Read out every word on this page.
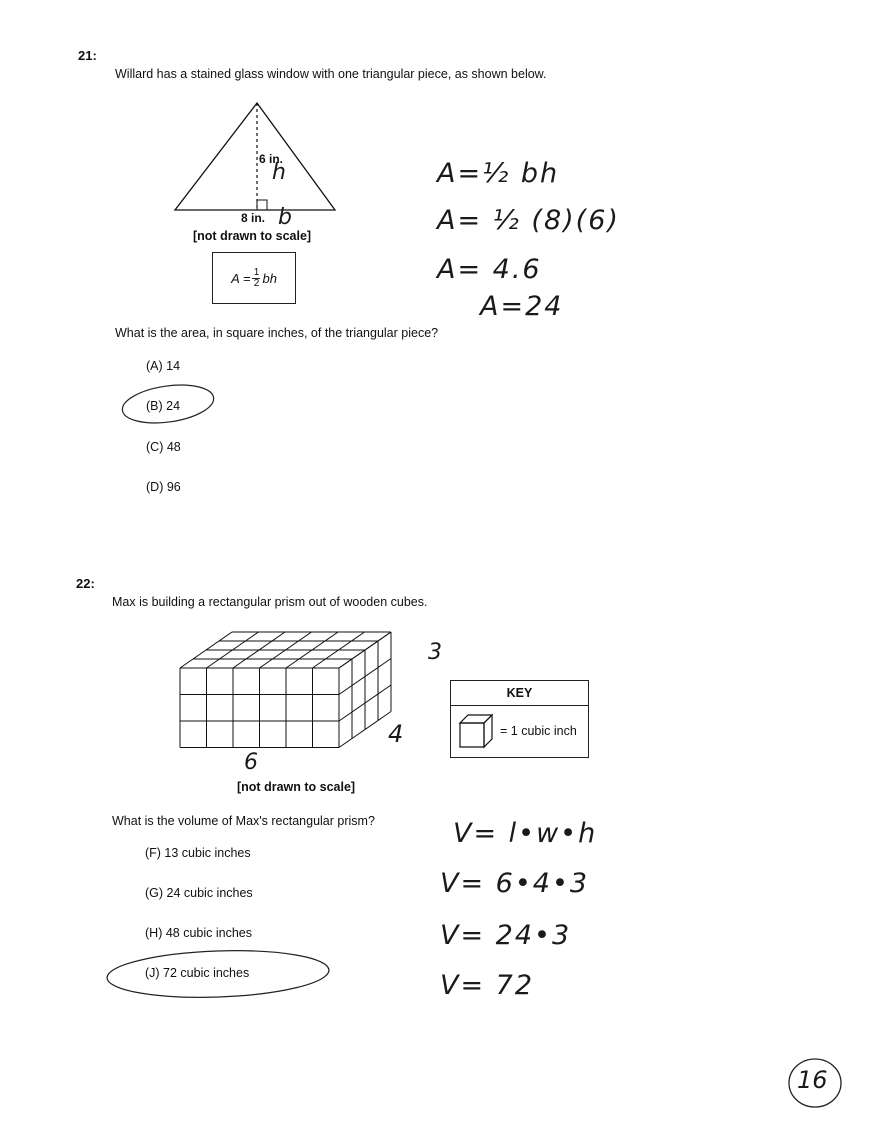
21:
Willard has a stained glass window with one triangular piece, as shown below.
6 in.
h
8 in. b
[not drawn to scale]
$A = \frac{1}{2}$ bh
A=½ bh
A= ½ (8)(6)
A= 4.6
A=24
What is the area, in square inches, of the triangular piece?
(A) 14
(B) 24
(C) 48
(D) 96
22:
Max is building a rectangular prism out of wooden cubes.
3
4
6
[not drawn to scale]
KEY
= 1 cubic inch
V= l•w•h
V= 6•4•3
V= 24•3
V= 72
What is the volume of Max's rectangular prism?
(F) 13 cubic inches
(G) 24 cubic inches
(H) 48 cubic inches
(J) 72 cubic inches
16
